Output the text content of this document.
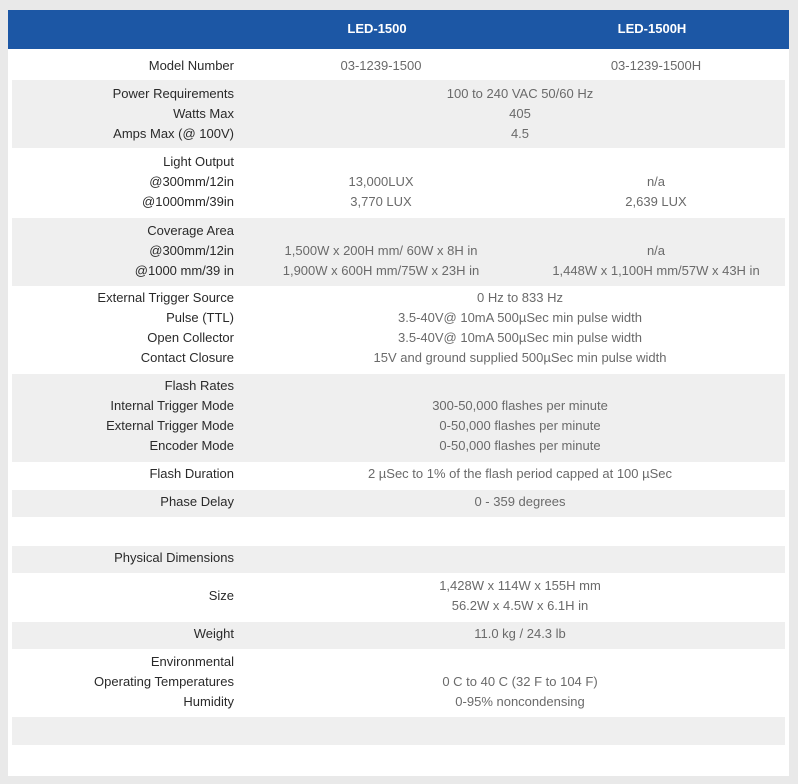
LED-1500	LED-1500H
Model Number	03-1239-1500	03-1239-1500H
Power Requirements	100 to 240 VAC 50/60 Hz
Watts Max	405
Amps Max (@ 100V)	4.5
Light Output
@300mm/12in	13,000LUX	n/a
@1000mm/39in	3,770 LUX	2,639 LUX
Coverage Area
@300mm/12in	1,500W x 200H mm/ 60W x 8H in	n/a
@1000 mm/39 in	1,900W x 600H mm/75W x 23H in	1,448W x 1,100H mm/57W x 43H in
External Trigger Source	0 Hz to 833 Hz
Pulse (TTL)	3.5-40V@ 10mA 500µSec min pulse width
Open Collector	3.5-40V@ 10mA 500µSec min pulse width
Contact Closure	15V and ground supplied 500µSec min pulse width
Flash Rates
Internal Trigger Mode	300-50,000 flashes per minute
External Trigger Mode	0-50,000 flashes per minute
Encoder Mode	0-50,000 flashes per minute
Flash Duration	2 µSec to 1% of the flash period capped at 100 µSec
Phase Delay	0 - 359 degrees
Physical Dimensions
Size
1,428W x 114W x 155H mm
56.2W x 4.5W x 6.1H in
Weight	11.0 kg / 24.3 lb
Environmental
Operating Temperatures	0 C to 40 C (32 F to 104 F)
Humidity	0-95% noncondensing
